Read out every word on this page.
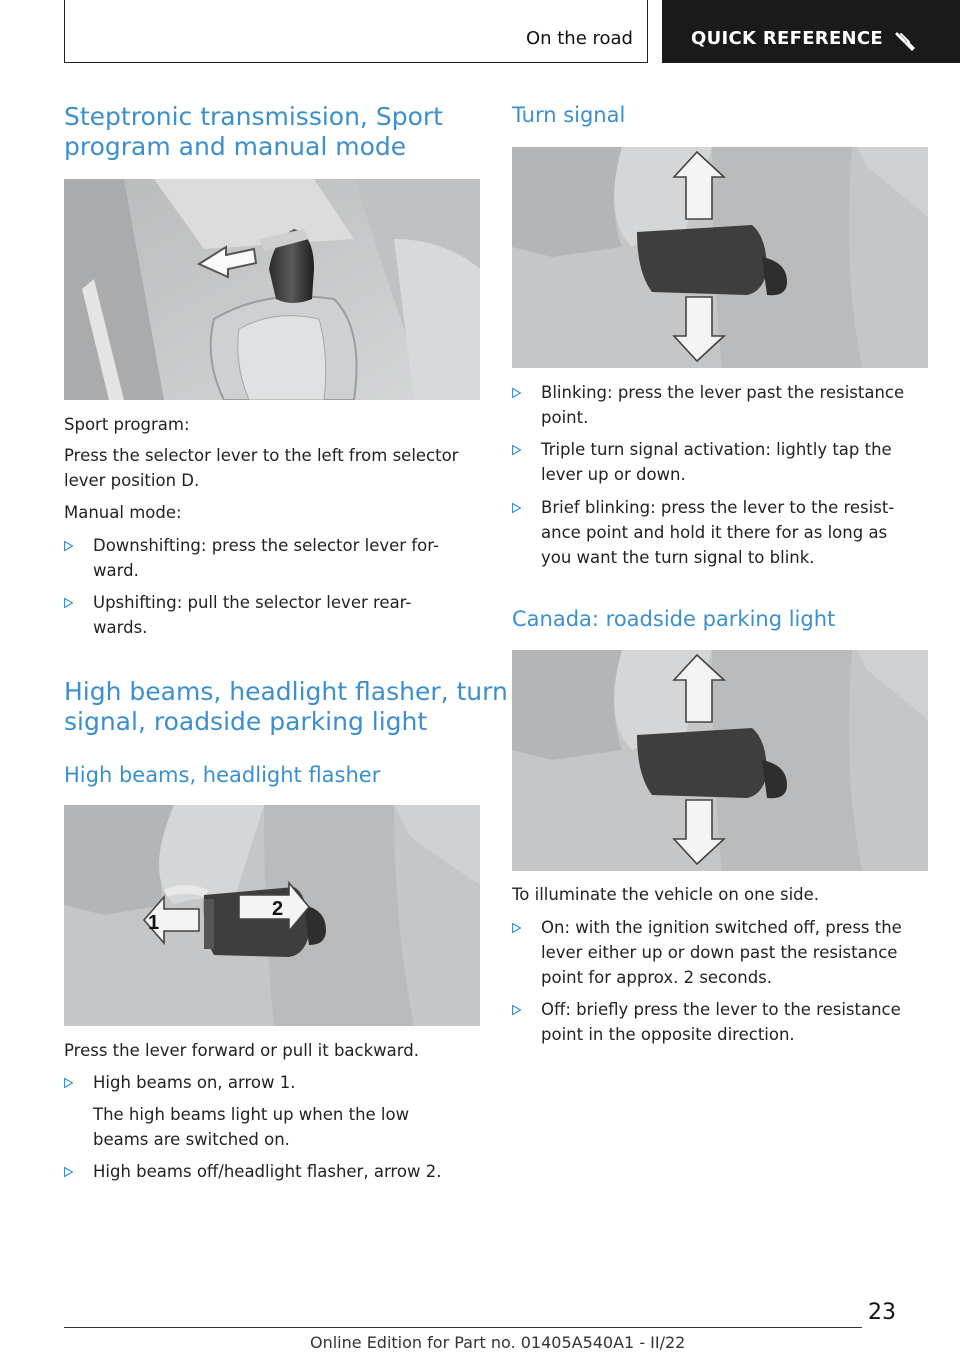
On the road	QUICK REFERENCE
Steptronic transmission, Sport
program and manual mode

Sport program:

Press the selector lever to the left from selector

lever position D.

Manual mode:

Downshifting: press the selector lever for-
ward.
Upshifting: pull the selector lever rear-
wards.
High beams, headlight flasher, turn
signal, roadside parking light
High beams, headlight flasher
1
2

Press the lever forward or pull it backward.

High beams on, arrow 1.

The high beams light up when the low

beams are switched on.

High beams off/headlight flasher, arrow 2.
Turn signal
Blinking: press the lever past the resistance
point.
Triple turn signal activation: lightly tap the
lever up or down.
Brief blinking: press the lever to the resist-
ance point and hold it there for as long as
you want the turn signal to blink.
Canada: roadside parking light

To illuminate the vehicle on one side.

On: with the ignition switched off, press the
lever either up or down past the resistance
point for approx. 2 seconds.
Off: briefly press the lever to the resistance
point in the opposite direction.
23
Online Edition for Part no. 01405A540A1 - II/22
